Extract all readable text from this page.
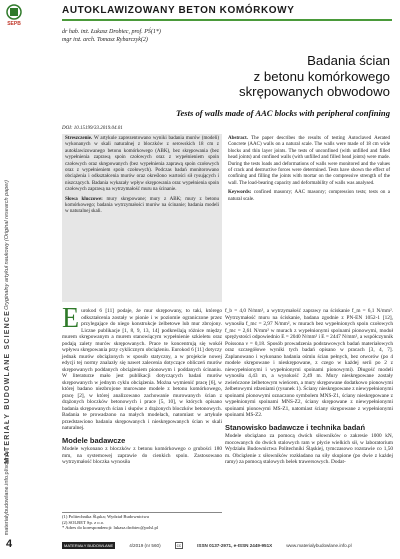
Oryginalny artykuł naukowy (Original research paper)
MATERIAŁY BUDOWLANE SCIENCE
materialybudowlane.info.pl/science
SEPB
AUTOKLAWIZOWANY BETON KOMÓRKOWY
dr hab. inż. Łukasz Drobiec, prof. PŚ(1*)
mgr inż. arch. Tomasz Rybarczyk(2)
Badania ścian
z betonu komórkowego
skrępowanych obwodowo
Tests of walls made of AAC blocks with peripheral confining
DOI: 10.15199/33.2019.04.01
Streszczenie. W artykule zaprezentowano wyniki badania murów (modeli) wykonanych w skali naturalnej z bloczków z serowskich 18 cm z autoklawizowanego betonu komórkowego (ABK), bez skrępowania (bez wypełnienia zaprawą spoin czołowych oraz z wypełnieniem spoin czołowych oraz skrępowanych (bez wypełnienia zaprawą spoin czołowych oraz z wypełnieniem spoin czołowych). Podczas badań monitorowano obciążenia i odkształcenia murów oraz określono wartości sił rysujących i niszczących. Badania wykazały wpływ skrępowania oraz wypełnienia spoin czołowych zaprawą na wytrzymałość muru na ścinanie.
Słowa kluczowe: mury skrępowane; mury z ABK; mury z betonu komórkowego; badania wytrzymałości murów na ścinanie; badania modeli w naturalnej skali.
Abstract. The paper describes the results of testing Autoclaved Aerated Concrete (AAC) walls on a natural scale. The walls were made of 18 cm wide blocks and thin layer joints. The tests of unconfined (with unfilled and filled head joints) and confined walls (with unfilled and filled head joints) were made. During the tests loads and deformations of walls were monitored and the values of crack and destructive forces were determined. Tests have shown the effect of confining and filling the joints with mortar on the compressive strength of the wall. The load-bearing capacity and deformability of walls was analysed.
Keywords: confined masonry; AAC masonry; compression tests; tests on a natural scale.
E urokod 6 [11] podaje, że mur skrępowany, to taki, którego odkształcenia zostały w pionie i w poziomie ograniczone przez przylegające do niego konstrukcje żelbetowe lub mur zbrojony. Liczne publikacje [1, 8, 9, 13, 14] podkreślają różnice między murem skrępowanym a murem stanowiącym wypełnienie szkieletu oraz podają zalety murów skrępowanych. Prace te koncentrują się wokół wpływu skrępowania przy cyklicznym obciążeniu. Eurokod 6 [11] dotyczy jednak murów obciążonych w sposób statyczny, a w projekcie nowej edycji tej normy znalazły się nawet zalecenia dotyczące obliczeń murów skrępowanych poddanych obciążeniem pionowym i poddanych ścinaniu. W literaturze mało jest publikacji dotyczących badań murów skrępowanych w jednym cyklu obciążenia. Można wymienić pracę [6], w której badano niezbrojone murowane modele z betonu komórkowego, pracę [2], w której analizowano zachowanie murowanych ścian z drążonych bloczków betonowych i prace [5, 10], w których opisano badania skrępowanych ścian i słupów z drążonych bloczków betonowych. Badania te prowadzono na małych modelach, natomiast w artykule przedstawiono badania skrępowanych i nieskrępowanych ścian w skali naturalnej.
Modele badawcze
Modele wykonano z bloczków z betonu komórkowego o grubości 180 mm, na systemowej zaprawie do cienkich spoin. Zastosowano wytrzymałość bloczka wynosiła
f_b = 4,0 N/mm², a wytrzymałość zaprawy na ściskanie f_m = 6,1 N/mm². Wytrzymałość muru na ściskanie, badana zgodnie z PN-EN 1052-1 [12], wynosiła f_mc = 2,97 N/mm², w murach bez wypełnionych spoin czołowych f_mc = 2,61 N/mm² w murach z wypełnionymi spoinami pionowymi, moduł sprężystości odpowiednio E = 2040 N/mm² i E = 2447 N/mm², a współczynnik Poissona ν = 0,18. Sposób prowadzenia podstawowych badań materiałowych oraz szczegółowe wyniki tych badań opisano w pracach [3, 4, 7]. Zaplanowano i wykonano badania ośmiu ścian pełnych, bez otworów (po 4 modele skrępowane i nieskrępowane, z czego w każdej serii po 2 z niewypełnionymi i wypełnionymi spoinami pionowymi). Długość modeli wynosiła 4,43 m, a wysokość 2,49 m. Mury nieskrępowane zostały zwieńczone żelbetowym wieńcem, a mury skrępowane dodatkowo pionowymi żelbetowymi rdzeniami (rysunek 1). Ściany nieskrępowane z niewypełnionymi spoinami pionowymi oznaczono symbolem MNS-Z1, ściany nieskrępowane z wypełnionymi spoinami MNS-Z2, ściany skrępowane z niewypełnionymi spoinami pionowymi MS-Z1, natomiast ściany skrępowane z wypełnionymi spoinami MS-Z2.
Stanowisko badawcze i technika badań
Modele obciążano za pomocą dwóch siłowników o zakresie 1000 kN, mocowanych do dwóch stalowych ram w płycie wielkich sił, w laboratorium Wydziału Budownictwa Politechniki Śląskiej, tymczasowo rozstawie co 1,50 m. Obciążenie z siłowników rozkładano na siły skupione (po dwie z każdej ramy) za pomocą stalowych belek trawersowych. Dodat-
(1) Politechnika Śląska; Wydział Budownictwa
(2) SOLBET Sp. z o.o.
* Adres do korespondencji: lukasz.drobiec@polsl.pl
4	MATERIAŁY BUDOWLANE	4/2019 (nr 560)	cc	ISSN 0137-2971, e-ISSN 2449-951X	www.materialybudowlane.info.pl
